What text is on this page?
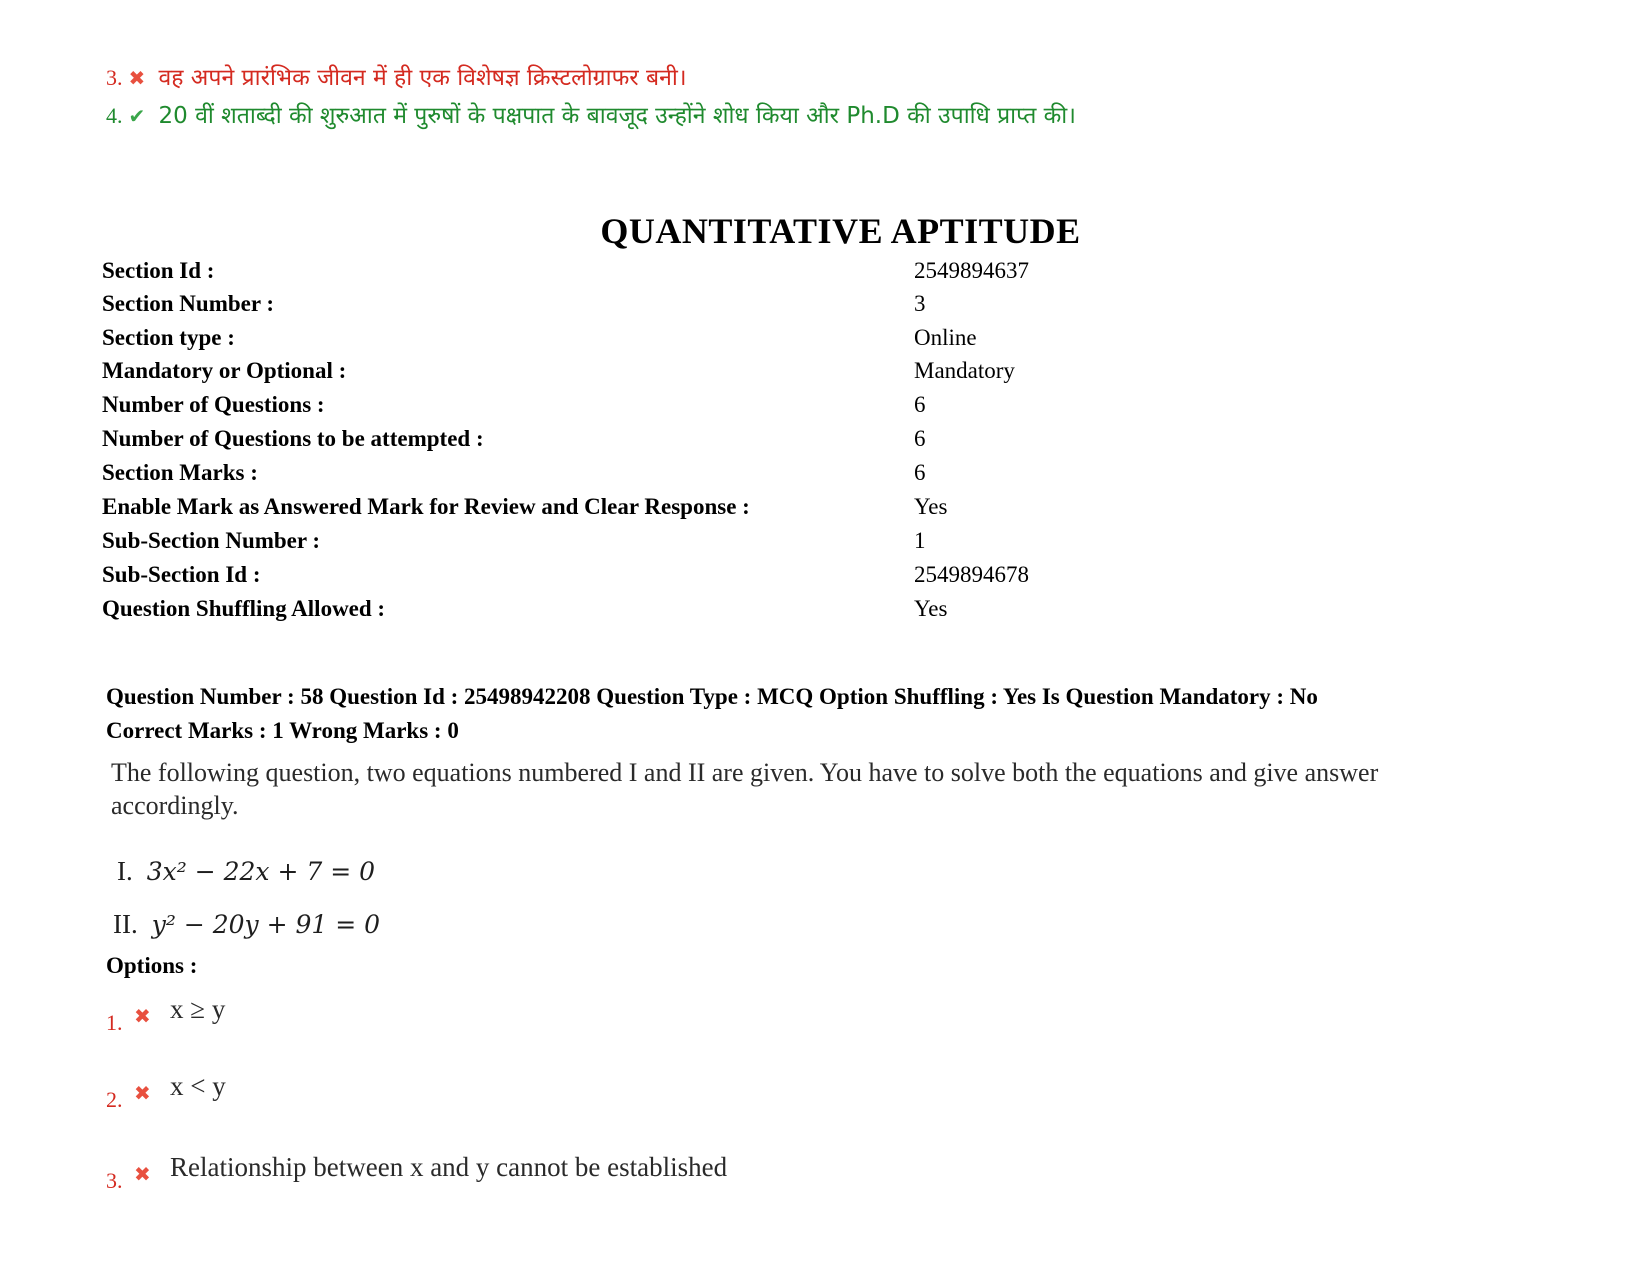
3. ✖ वह अपने प्रारंभिक जीवन में ही एक विशेषज्ञ क्रिस्टलोग्राफर बनी।
4. ✔ 20 वीं शताब्दी की शुरुआत में पुरुषों के पक्षपात के बावजूद उन्होंने शोध किया और Ph.D की उपाधि प्राप्त की।
QUANTITATIVE APTITUDE
Section Id :	2549894637
Section Number :	3
Section type :	Online
Mandatory or Optional :	Mandatory
Number of Questions :	6
Number of Questions to be attempted :	6
Section Marks :	6
Enable Mark as Answered Mark for Review and Clear Response :	Yes
Sub-Section Number :	1
Sub-Section Id :	2549894678
Question Shuffling Allowed :	Yes
Question Number : 58 Question Id : 25498942208 Question Type : MCQ Option Shuffling : Yes Is Question Mandatory : No
Correct Marks : 1 Wrong Marks : 0
The following question, two equations numbered I and II are given. You have to solve both the equations and give answer accordingly.
I. 3x² − 22x + 7 = 0
II. y² − 20y + 91 = 0
Options :
1. ✖ x ≥ y
2. ✖ x < y
3. ✖ Relationship between x and y cannot be established
